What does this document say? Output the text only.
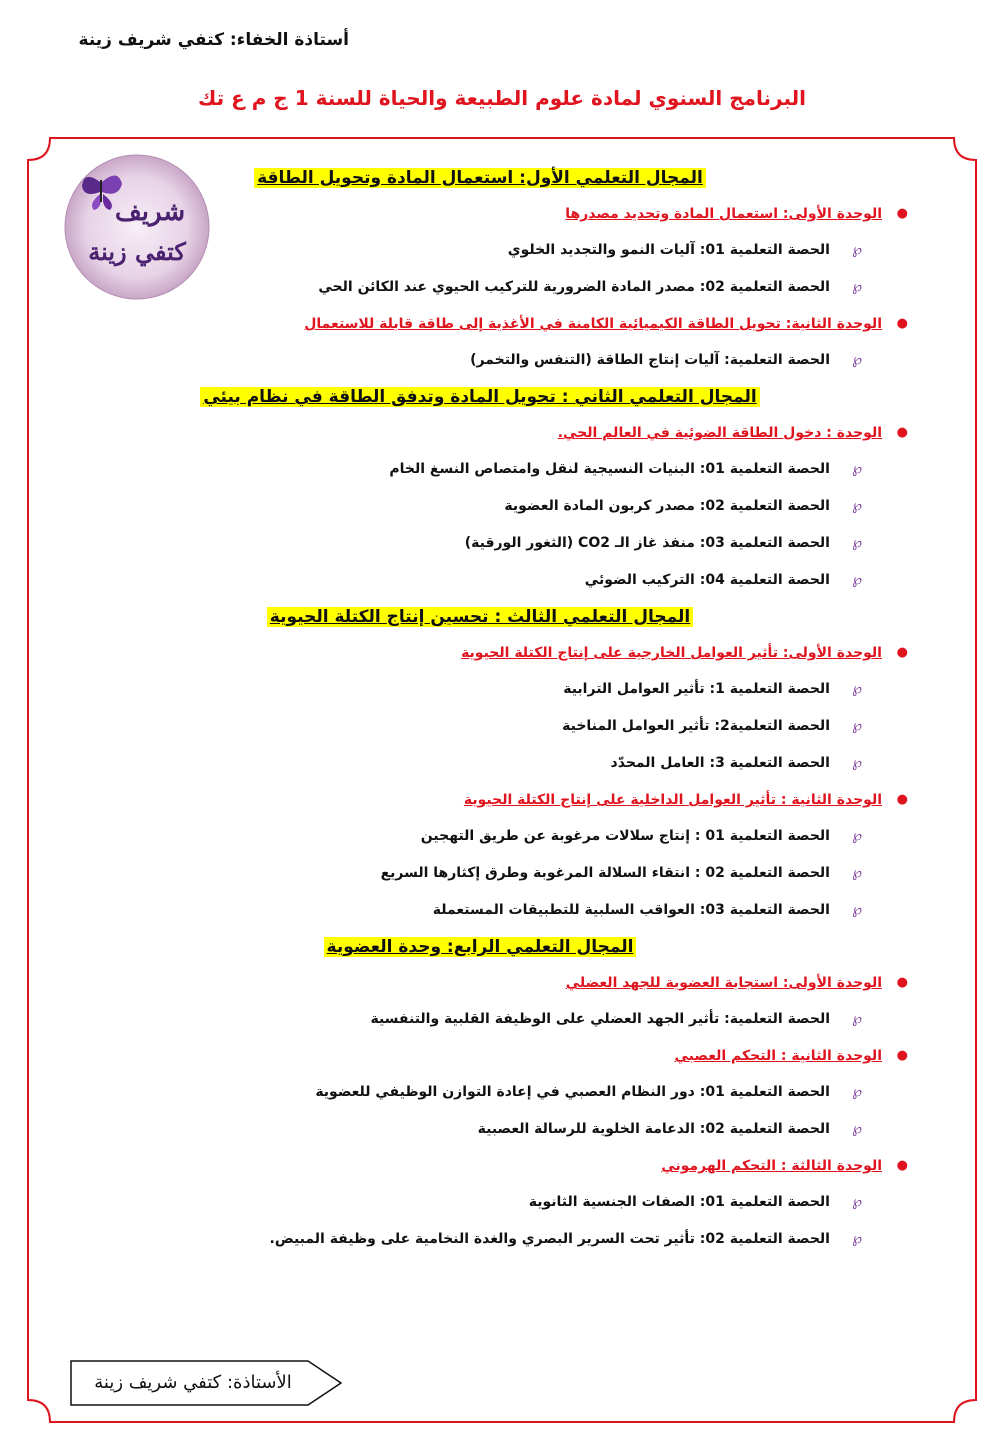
أستاذة الخفاء: كتفي شريف زينة
البرنامج السنوي لمادة علوم الطبيعة والحياة للسنة 1 ج م ع تك
شريف
كتفي زينة
المجال التعلمي الأول: استعمال المادة وتحويل الطاقة
●
الوحدة الأولى: استعمال المادة وتحديد مصدرها
℘
الحصة التعلمية 01: آليات النمو والتجديد الخلوي
℘
الحصة التعلمية 02: مصدر المادة الضرورية للتركيب الحيوي عند الكائن الحي
●
الوحدة الثانية: تحويل الطاقة الكيميائية الكامنة في الأغذية إلى طاقة قابلة للاستعمال
℘
الحصة التعلمية: آليات إنتاج الطاقة (التنفس والتخمر)
المجال التعلمي الثاني : تحويل المادة وتدفق الطاقة في نظام بيئي
●
الوحدة : دخول الطاقة الضوئية في العالم الحي.
℘
الحصة التعلمية 01: البنيات النسيجية لنقل وامتصاص النسغ الخام
℘
الحصة التعلمية 02: مصدر كربون المادة العضوية
℘
الحصة التعلمية 03: منفذ غاز الـ CO2 (الثغور الورقية)
℘
الحصة التعلمية 04: التركيب الضوئي
المجال التعلمي الثالث : تحسين إنتاج الكتلة الحيوية
●
الوحدة الأولى: تأثير العوامل الخارجية على إنتاج الكتلة الحيوية
℘
الحصة التعلمية 1: تأثير العوامل الترابية
℘
الحصة التعلمية2: تأثير العوامل المناخية
℘
الحصة التعلمية 3: العامل المحدّد
●
الوحدة الثانية : تأثير العوامل الداخلية على إنتاج الكتلة الحيوية
℘
الحصة التعلمية 01 : إنتاج سلالات مرغوبة عن طريق التهجين
℘
الحصة التعلمية 02 : انتقاء السلالة المرغوبة وطرق إكثارها السريع
℘
الحصة التعلمية 03: العواقب السلبية للتطبيقات المستعملة
المجال التعلمي الرابع: وحدة العضوية
●
الوحدة الأولى: استجابة العضوية للجهد العضلي
℘
الحصة التعلمية: تأثير الجهد العضلي على الوظيفة القلبية والتنفسية
●
الوحدة الثانية : التحكم العصبي
℘
الحصة التعلمية 01: دور النظام العصبي في إعادة التوازن الوظيفي للعضوية
℘
الحصة التعلمية 02: الدعامة الخلوية للرسالة العصبية
●
الوحدة الثالثة : التحكم الهرموني
℘
الحصة التعلمية 01: الصفات الجنسية الثانوية
℘
الحصة التعلمية 02: تأثير تحت السرير البصري والغدة النخامية على وظيفة المبيض.
الأستاذة: كتفي شريف زينة
